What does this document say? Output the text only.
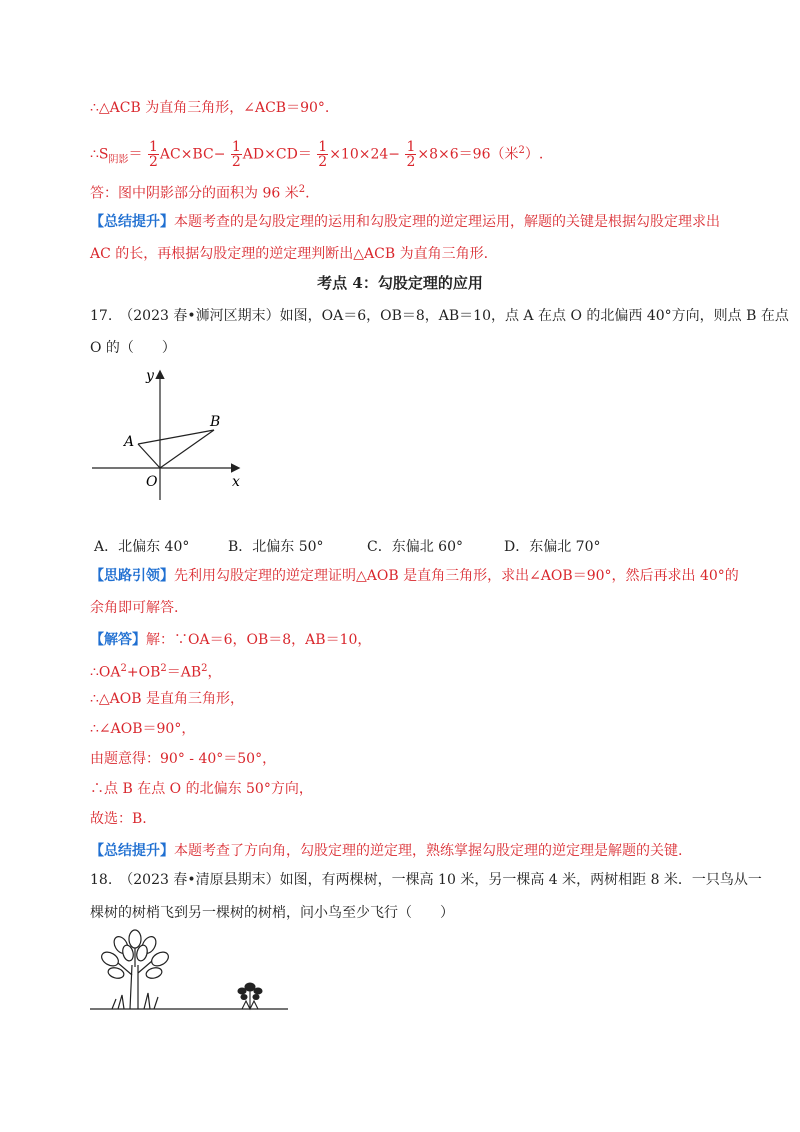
∴△ACB 为直角三角形，∠ACB＝90°.
$\therefore S_{阴影}= \frac{1}{2} AC\times BC- \frac{1}{2} AD\times CD= \frac{1}{2} \times 10\times 24- \frac{1}{2} \times 8\times 6=96$（米$^2$）.
答：图中阴影部分的面积为 96 米$^2$.
【总结提升】本题考查的是勾股定理的运用和勾股定理的逆定理运用，解题的关键是根据勾股定理求出
AC 的长，再根据勾股定理的逆定理判断出△ACB 为直角三角形.
考点 4：勾股定理的应用
17.　（2023 春•浉河区期末）如图，OA＝6，OB＝8，AB＝10，点 A 在点 O 的北偏西 40°方向，则点 B 在点
O 的（　　）
y
x
O
A
B
A．北偏东 40°	B．北偏东 50°	C．东偏北 60°	D．东偏北 70°
【思路引领】先利用勾股定理的逆定理证明△AOB 是直角三角形，求出∠AOB＝90°，然后再求出 40°的
余角即可解答.
【解答】解：∵OA＝6，OB＝8，AB＝10，
$\therefore OA^2+OB^2=AB^2$，
∴△AOB 是直角三角形，
∴∠AOB＝90°，
由题意得：90° - 40°＝50°，
∴点 B 在点 O 的北偏东 50°方向，
故选：B.
【总结提升】本题考查了方向角，勾股定理的逆定理，熟练掌握勾股定理的逆定理是解题的关键.
18.　（2023 春•清原县期末）如图，有两棵树，一棵高 10 米，另一棵高 4 米，两树相距 8 米．一只鸟从一
棵树的树梢飞到另一棵树的树梢，问小鸟至少飞行（　　）
